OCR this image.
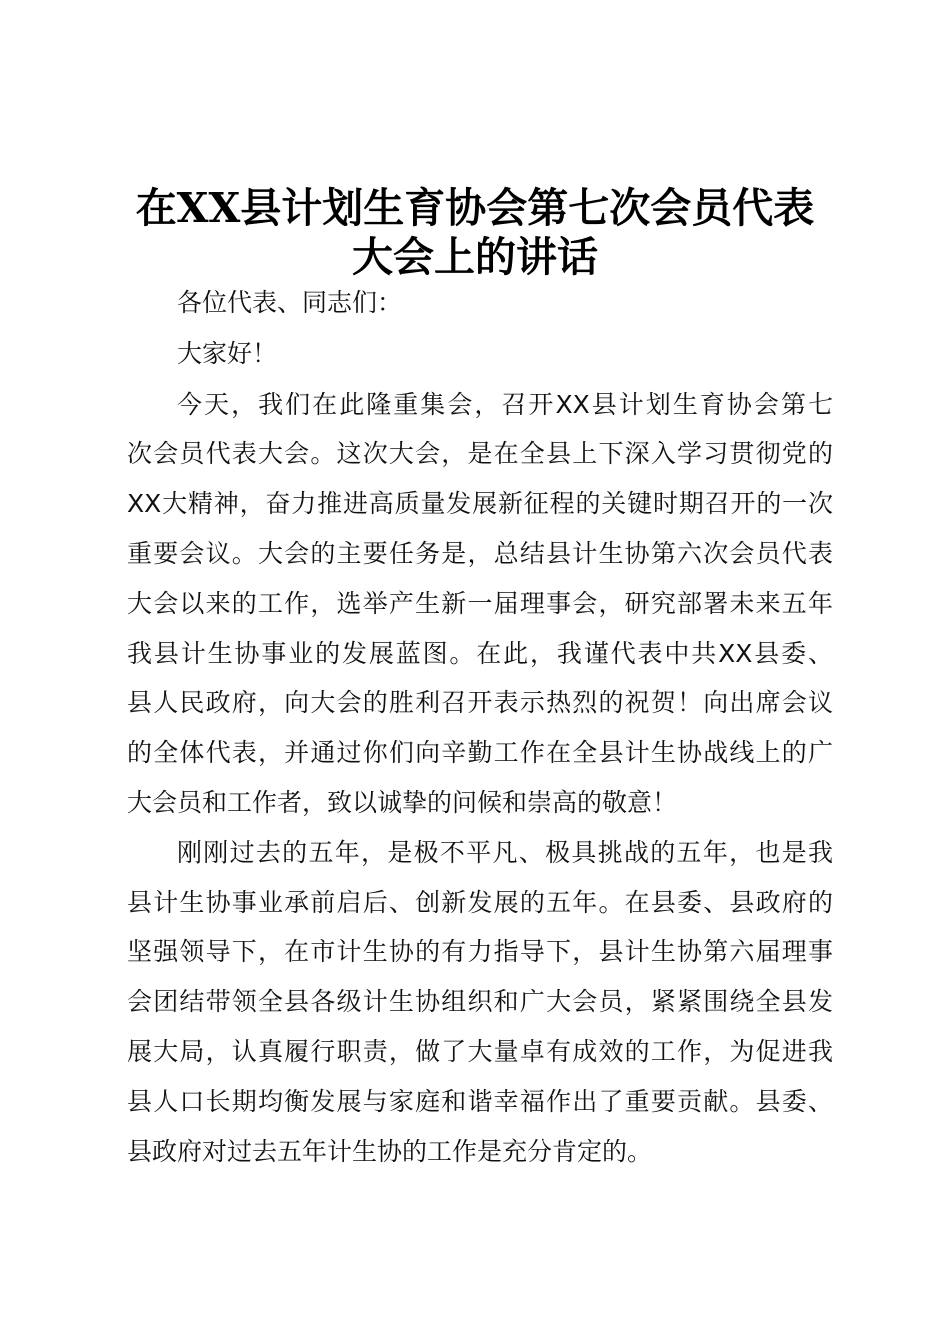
在XX县计划生育协会第七次会员代表
大会上的讲话

各位代表、同志们：

大家好！

今天，我们在此隆重集会，召开XX县计划生育协会第七

次会员代表大会。这次大会，是在全县上下深入学习贯彻党的

XX大精神，奋力推进高质量发展新征程的关键时期召开的一次

重要会议。大会的主要任务是，总结县计生协第六次会员代表

大会以来的工作，选举产生新一届理事会，研究部署未来五年

我县计生协事业的发展蓝图。在此，我谨代表中共XX县委、

县人民政府，向大会的胜利召开表示热烈的祝贺！向出席会议

的全体代表，并通过你们向辛勤工作在全县计生协战线上的广

大会员和工作者，致以诚挚的问候和崇高的敬意！

刚刚过去的五年，是极不平凡、极具挑战的五年，也是我

县计生协事业承前启后、创新发展的五年。在县委、县政府的

坚强领导下，在市计生协的有力指导下，县计生协第六届理事

会团结带领全县各级计生协组织和广大会员，紧紧围绕全县发

展大局，认真履行职责，做了大量卓有成效的工作，为促进我

县人口长期均衡发展与家庭和谐幸福作出了重要贡献。县委、

县政府对过去五年计生协的工作是充分肯定的。
